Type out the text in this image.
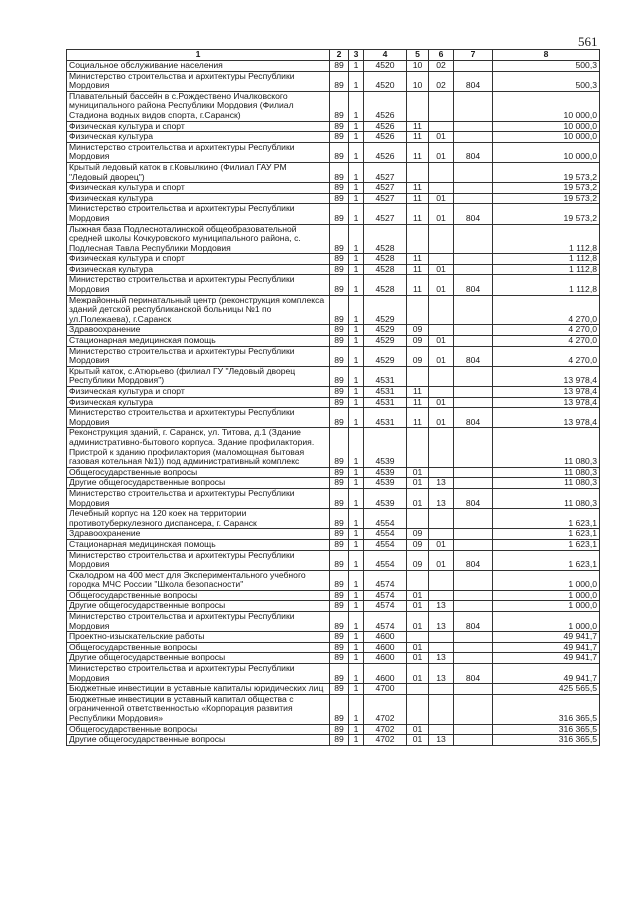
561
1	2	3	4	5	6	7	8
Социальное обслуживание населения	89	1	4520	10	02		500,3
Министерство строительства и архитектуры Республики Мордовия	89	1	4520	10	02	804	500,3
Плавательный бассейн в с.Рождествено Ичалковского муниципального района Республики Мордовия (Филиал Стадиона водных видов спорта, г.Саранск)	89	1	4526				10 000,0
Физическая культура и спорт	89	1	4526	11			10 000,0
Физическая культура	89	1	4526	11	01		10 000,0
Министерство строительства и архитектуры Республики Мордовия	89	1	4526	11	01	804	10 000,0
Крытый ледовый каток в г.Ковылкино (Филиал ГАУ РМ "Ледовый дворец")	89	1	4527				19 573,2
Физическая культура и спорт	89	1	4527	11			19 573,2
Физическая культура	89	1	4527	11	01		19 573,2
Министерство строительства и архитектуры Республики Мордовия	89	1	4527	11	01	804	19 573,2
Лыжная база Подлесноталинской общеобразовательной средней школы Кочкуровского муниципального района, с. Подлесная Тавла Республики Мордовия	89	1	4528				1 112,8
Физическая культура и спорт	89	1	4528	11			1 112,8
Физическая культура	89	1	4528	11	01		1 112,8
Министерство строительства и архитектуры Республики Мордовия	89	1	4528	11	01	804	1 112,8
Межрайонный перинатальный центр (реконструкция комплекса зданий детской республиканской больницы №1 по ул.Полежаева), г.Саранск	89	1	4529				4 270,0
Здравоохранение	89	1	4529	09			4 270,0
Стационарная медицинская помощь	89	1	4529	09	01		4 270,0
Министерство строительства и архитектуры Республики Мордовия	89	1	4529	09	01	804	4 270,0
Крытый каток, с.Атюрьево (филиал ГУ "Ледовый дворец Республики Мордовия")	89	1	4531				13 978,4
Физическая культура и спорт	89	1	4531	11			13 978,4
Физическая культура	89	1	4531	11	01		13 978,4
Министерство строительства и архитектуры Республики Мордовия	89	1	4531	11	01	804	13 978,4
Реконструкция зданий, г. Саранск, ул. Титова, д.1 (Здание административно-бытового корпуса. Здание профилактория. Пристрой к зданию профилактория (маломощная бытовая газовая котельная №1)) под административный комплекс	89	1	4539				11 080,3
Общегосударственные вопросы	89	1	4539	01			11 080,3
Другие общегосударственные вопросы	89	1	4539	01	13		11 080,3
Министерство строительства и архитектуры Республики Мордовия	89	1	4539	01	13	804	11 080,3
Лечебный корпус на 120 коек на территории противотуберкулезного диспансера, г. Саранск	89	1	4554				1 623,1
Здравоохранение	89	1	4554	09			1 623,1
Стационарная медицинская помощь	89	1	4554	09	01		1 623,1
Министерство строительства и архитектуры Республики Мордовия	89	1	4554	09	01	804	1 623,1
Скалодром на 400 мест для Экспериментального учебного городка МЧС России "Школа безопасности"	89	1	4574				1 000,0
Общегосударственные вопросы	89	1	4574	01			1 000,0
Другие общегосударственные вопросы	89	1	4574	01	13		1 000,0
Министерство строительства и архитектуры Республики Мордовия	89	1	4574	01	13	804	1 000,0
Проектно-изыскательские работы	89	1	4600				49 941,7
Общегосударственные вопросы	89	1	4600	01			49 941,7
Другие общегосударственные вопросы	89	1	4600	01	13		49 941,7
Министерство строительства и архитектуры Республики Мордовия	89	1	4600	01	13	804	49 941,7
Бюджетные инвестиции в уставные капиталы юридических лиц	89	1	4700				425 565,5
Бюджетные инвестиции в уставный капитал общества с ограниченной ответственностью «Корпорация развития Республики Мордовия»	89	1	4702				316 365,5
Общегосударственные вопросы	89	1	4702	01			316 365,5
Другие общегосударственные вопросы	89	1	4702	01	13		316 365,5
